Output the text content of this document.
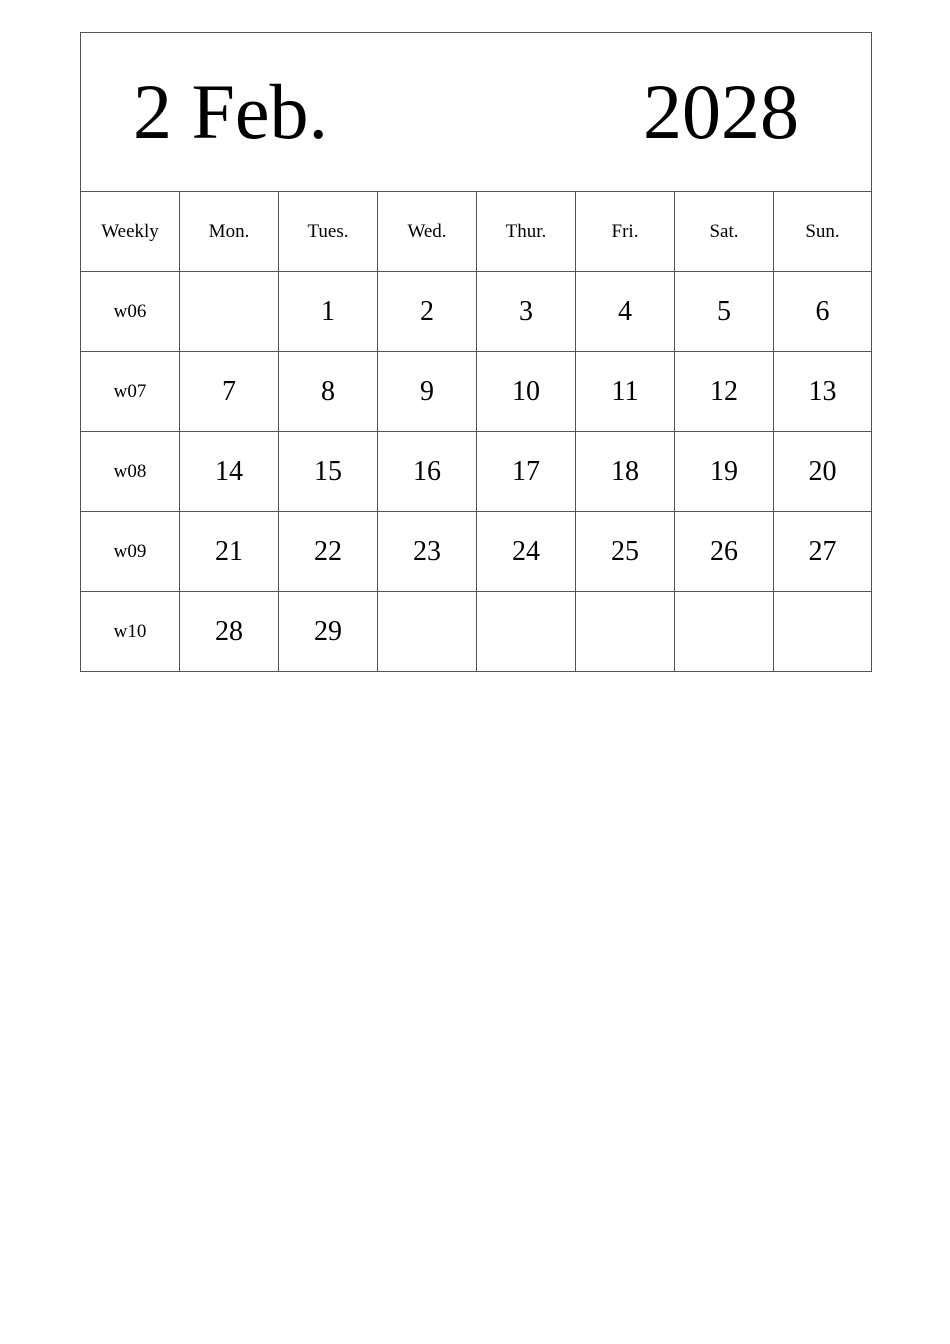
2 Feb. 2028							

Weekly	Mon.	Tues.	Wed.	Thur.	Fri.	Sat.	Sun.
w06		1	2	3	4	5	6
w07	7	8	9	10	11	12	13
w08	14	15	16	17	18	19	20
w09	21	22	23	24	25	26	27
w10	28	29					
